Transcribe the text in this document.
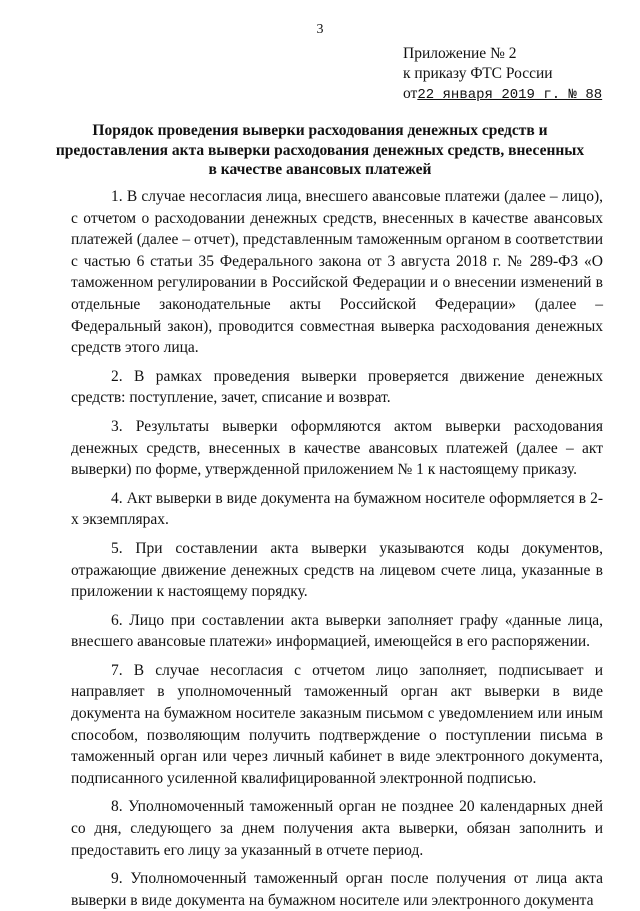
3
Приложение № 2
к приказу ФТС России
от22 января 2019 г. № 88
Порядок проведения выверки расходования денежных средств и
предоставления акта выверки расходования денежных средств, внесенных
в качестве авансовых платежей

1. В случае несогласия лица, внесшего авансовые платежи (далее – лицо), с отчетом о расходовании денежных средств, внесенных в качестве авансовых платежей (далее – отчет), представленным таможенным органом в соответствии с частью 6 статьи 35 Федерального закона от 3 августа 2018 г. № 289-ФЗ «О таможенном регулировании в Российской Федерации и о внесении изменений в отдельные законодательные акты Российской Федерации» (далее – Федеральный закон), проводится совместная выверка расходования денежных средств этого лица.

2. В рамках проведения выверки проверяется движение денежных средств: поступление, зачет, списание и возврат.

3. Результаты выверки оформляются актом выверки расходования денежных средств, внесенных в качестве авансовых платежей (далее – акт выверки) по форме, утвержденной приложением № 1 к настоящему приказу.

4. Акт выверки в виде документа на бумажном носителе оформляется в 2-х экземплярах.

5. При составлении акта выверки указываются коды документов, отражающие движение денежных средств на лицевом счете лица, указанные в приложении к настоящему порядку.

6. Лицо при составлении акта выверки заполняет графу «данные лица, внесшего авансовые платежи» информацией, имеющейся в его распоряжении.

7. В случае несогласия с отчетом лицо заполняет, подписывает и направляет в уполномоченный таможенный орган акт выверки в виде документа на бумажном носителе заказным письмом с уведомлением или иным способом, позволяющим получить подтверждение о поступлении письма в таможенный орган или через личный кабинет в виде электронного документа, подписанного усиленной квалифицированной электронной подписью.

8. Уполномоченный таможенный орган не позднее 20 календарных дней со дня, следующего за днем получения акта выверки, обязан заполнить и предоставить его лицу за указанный в отчете период.

9. Уполномоченный таможенный орган после получения от лица акта выверки в виде документа на бумажном носителе или электронного документа
